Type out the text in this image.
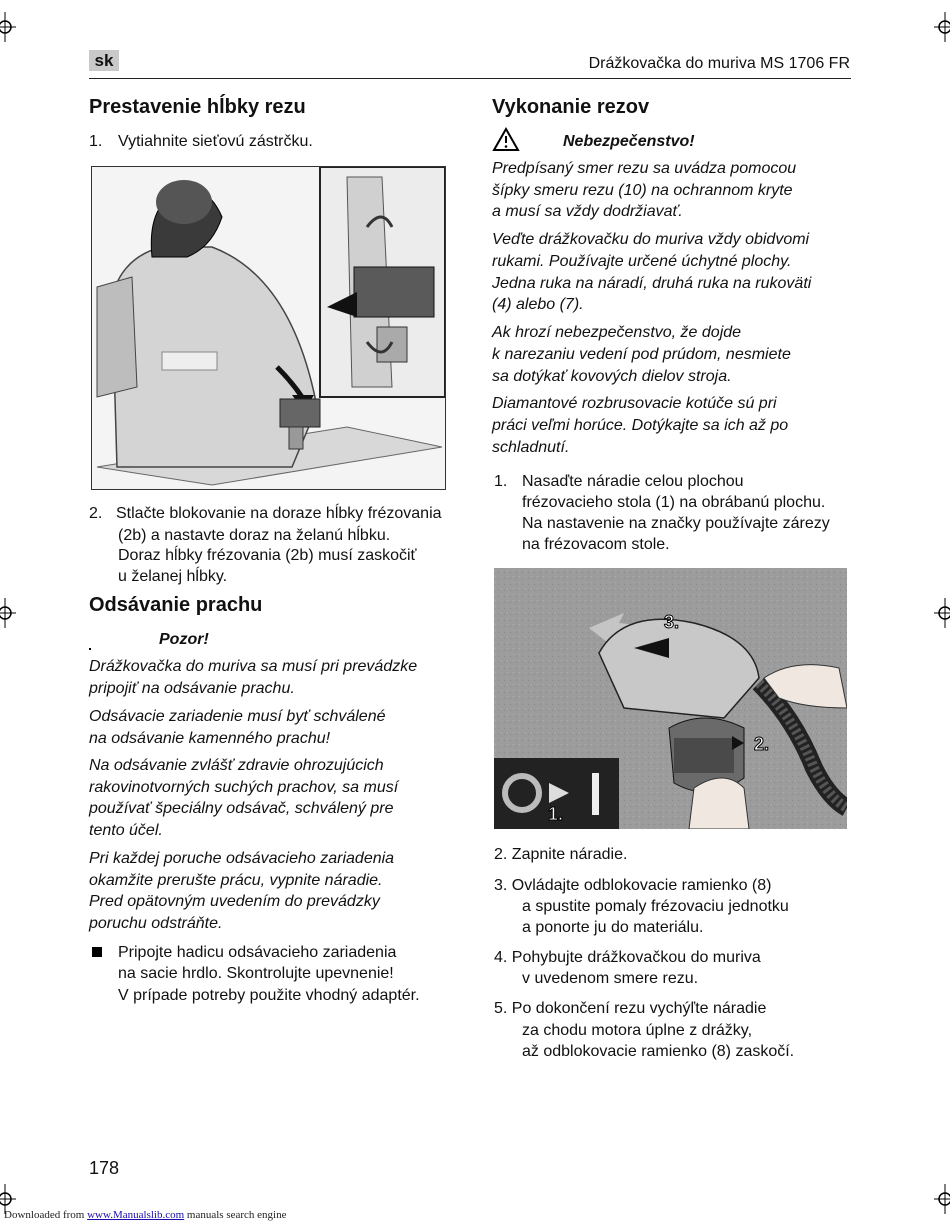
sk	Drážkovačka do muriva MS 1706 FR
Prestavenie hĺbky rezu
1. Vytiahnite sieťovú zástrčku.
2. Stlačte blokovanie na doraze hĺbky frézovania
(2b) a nastavte doraz na želanú hĺbku.
Doraz hĺbky frézovania (2b) musí zaskočiť
u želanej hĺbky.
Odsávanie prachu
Pozor!
Drážkovačka do muriva sa musí pri prevádzke
pripojiť na odsávanie prachu.
Odsávacie zariadenie musí byť schválené
na odsávanie kamenného prachu!
Na odsávanie zvlášť zdravie ohrozujúcich
rakovinotvorných suchých prachov, sa musí
používať špeciálny odsávač, schválený pre
tento účel.
Pri každej poruche odsávacieho zariadenia
okamžite prerušte prácu, vypnite náradie.
Pred opätovným uvedením do prevádzky
poruchu odstráňte.
Pripojte hadicu odsávacieho zariadenia
na sacie hrdlo. Skontrolujte upevnenie!
V prípade potreby použite vhodný adaptér.
Vykonanie rezov
Nebezpečenstvo!
Predpísaný smer rezu sa uvádza pomocou
šípky smeru rezu (10) na ochrannom kryte
a musí sa vždy dodržiavať.
Veďte drážkovačku do muriva vždy obidvomi
rukami. Používajte určené úchytné plochy.
Jedna ruka na náradí, druhá ruka na rukoväti
(4) alebo (7).
Ak hrozí nebezpečenstvo, že dojde
k narezaniu vedení pod prúdom, nesmiete
sa dotýkať kovových dielov stroja.
Diamantové rozbrusovacie kotúče sú pri
práci veľmi horúce. Dotýkajte sa ich až po
schladnutí.
1. Nasaďte náradie celou plochou
frézovacieho stola (1) na obrábanú plochu.
Na nastavenie na značky používajte zárezy
na frézovacom stole.
3.
2.
1.
2. Zapnite náradie.
3. Ovládajte odblokovacie ramienko (8)
a spustite pomaly frézovaciu jednotku
a ponorte ju do materiálu.
4. Pohybujte drážkovačkou do muriva
v uvedenom smere rezu.
5. Po dokončení rezu vychýľte náradie
za chodu motora úplne z drážky,
až odblokovacie ramienko (8) zaskočí.
178
Downloaded from www.Manualslib.com manuals search engine
